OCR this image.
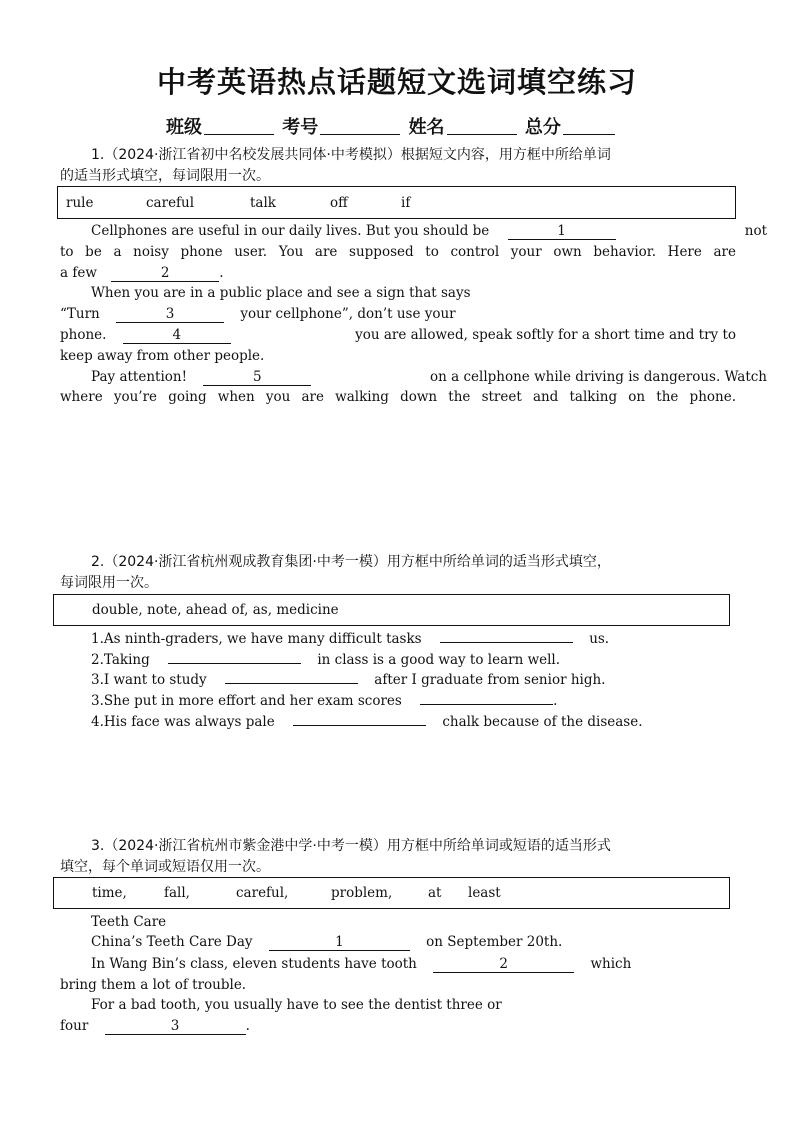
中考英语热点话题短文选词填空练习
班级	考号	姓名	总分
1.（2024·浙江省初中名校发展共同体·中考模拟）根据短文内容，用方框中所给单词
的适当形式填空，每词限用一次。
rule	careful	talk	off	if
Cellphones are useful in our daily lives. But you should be	1	not
to be a noisy phone user. You are supposed to control your own behavior. Here are
a few	2	.
When you are in a public place and see a sign that says
“Turn	3	your cellphone”, don’t use your
phone.	4	you are allowed, speak softly for a short time and try to
keep away from other people.
Pay attention!	5	on a cellphone while driving is dangerous. Watch
where you’re going when you are walking down the street and talking on the phone.
2.（2024·浙江省杭州观成教育集团·中考一模）用方框中所给单词的适当形式填空，
每词限用一次。
double, note, ahead of, as, medicine
1.As ninth-graders, we have many difficult tasks	us.
2.Taking	in class is a good way to learn well.
3.I want to study	after I graduate from senior high.
3.She put in more effort and her exam scores	.
4.His face was always pale	chalk because of the disease.
3.（2024·浙江省杭州市紫金港中学·中考一模）用方框中所给单词或短语的适当形式
填空，每个单词或短语仅用一次。
time,	fall,	careful,	problem,	at least
Teeth Care
China’s Teeth Care Day	1	on September 20th.
In Wang Bin’s class, eleven students have tooth	2	which
bring them a lot of trouble.
For a bad tooth, you usually have to see the dentist three or
four	3	.
